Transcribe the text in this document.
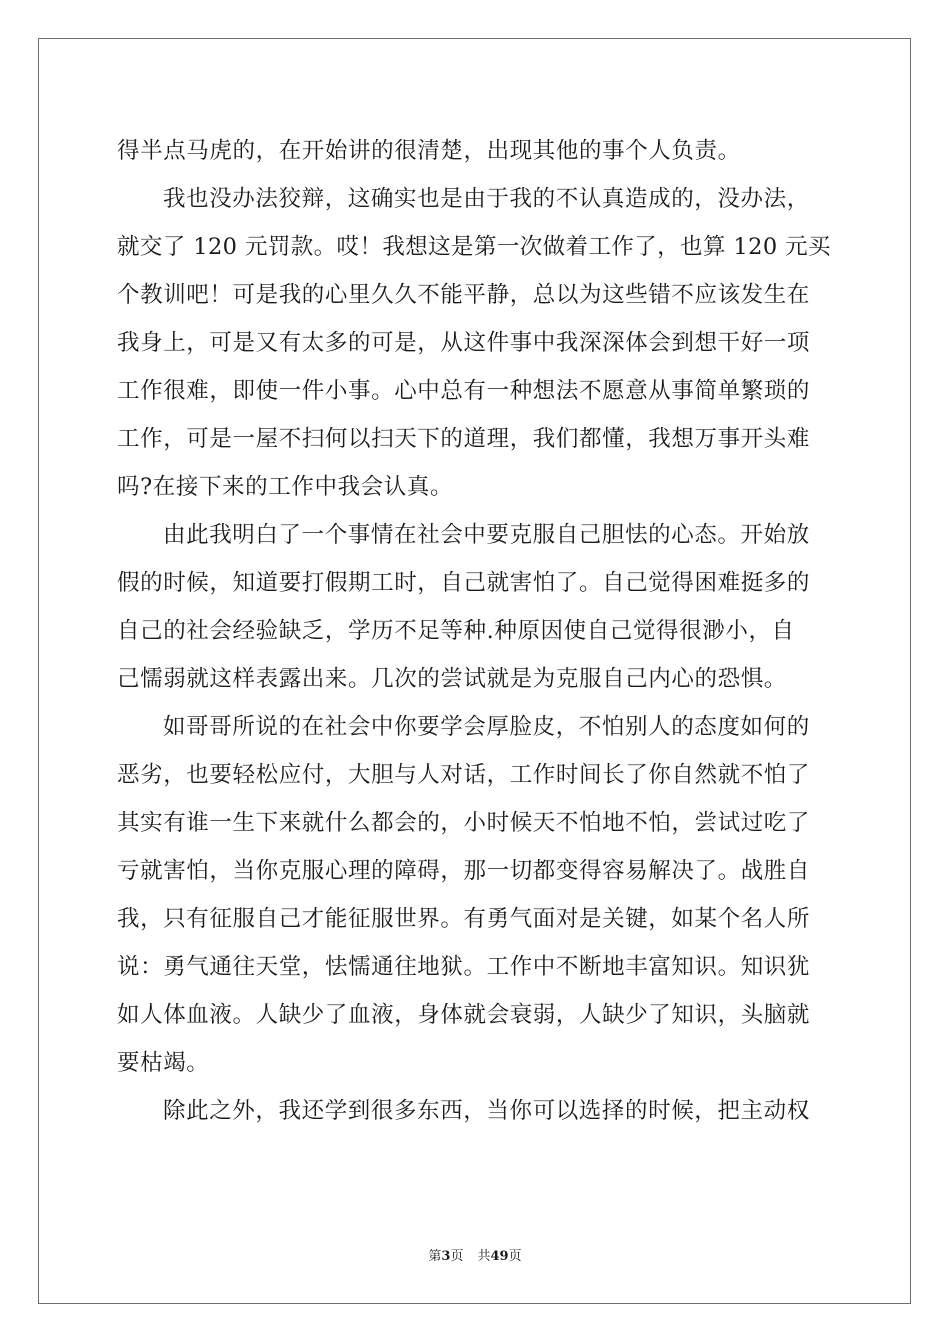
得半点马虎的，在开始讲的很清楚，出现其他的事个人负责。
我也没办法狡辩，这确实也是由于我的不认真造成的，没办法，
就交了 120 元罚款。哎！我想这是第一次做着工作了，也算 120 元买
个教训吧！可是我的心里久久不能平静，总以为这些错不应该发生在
我身上，可是又有太多的可是，从这件事中我深深体会到想干好一项
工作很难，即使一件小事。心中总有一种想法不愿意从事简单繁琐的
工作，可是一屋不扫何以扫天下的道理，我们都懂，我想万事开头难
吗?在接下来的工作中我会认真。
由此我明白了一个事情在社会中要克服自己胆怯的心态。开始放
假的时候，知道要打假期工时，自己就害怕了。自己觉得困难挺多的
自己的社会经验缺乏，学历不足等种.种原因使自己觉得很渺小，自
己懦弱就这样表露出来。几次的尝试就是为克服自己内心的恐惧。
如哥哥所说的在社会中你要学会厚脸皮，不怕别人的态度如何的
恶劣，也要轻松应付，大胆与人对话，工作时间长了你自然就不怕了
其实有谁一生下来就什么都会的，小时候天不怕地不怕，尝试过吃了
亏就害怕，当你克服心理的障碍，那一切都变得容易解决了。战胜自
我，只有征服自己才能征服世界。有勇气面对是关键，如某个名人所
说：勇气通往天堂，怯懦通往地狱。工作中不断地丰富知识。知识犹
如人体血液。人缺少了血液，身体就会衰弱，人缺少了知识，头脑就
要枯竭。
除此之外，我还学到很多东西，当你可以选择的时候，把主动权
第3页 共49页
